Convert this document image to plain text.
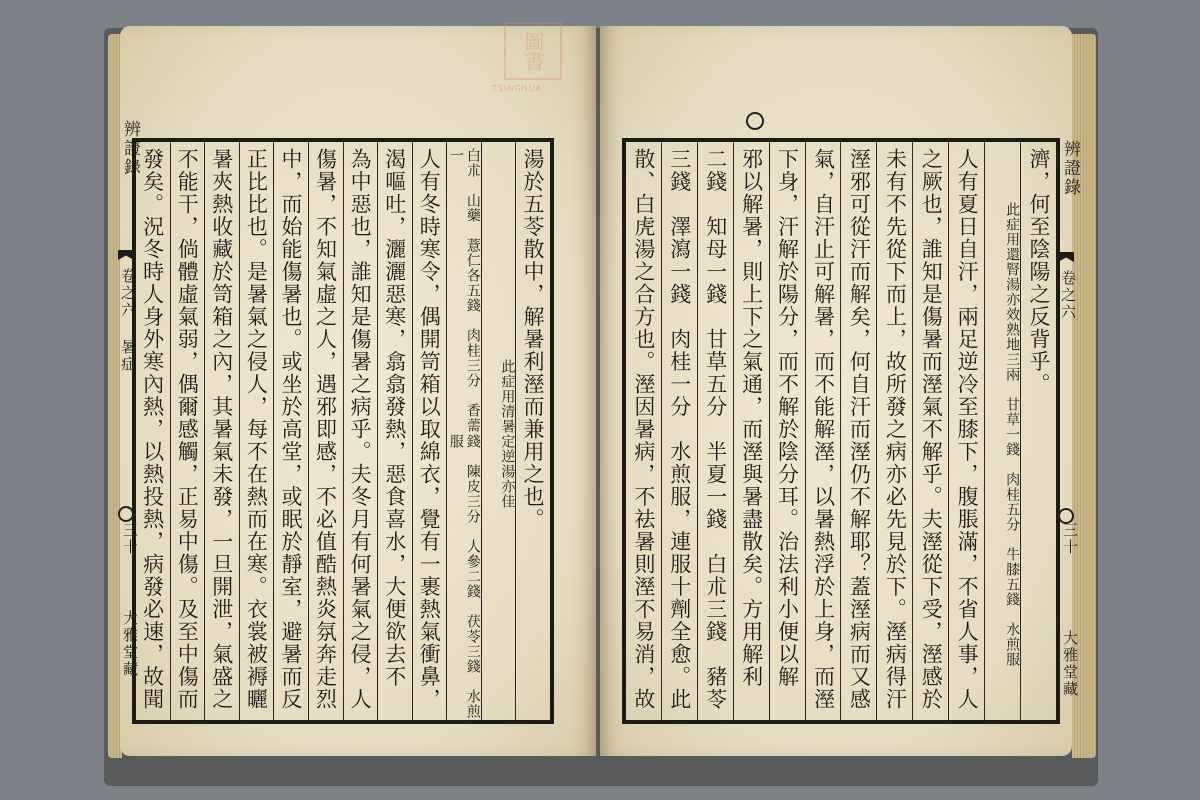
圖書
TSINGHUA
辨證錄
卷之六 暑症
三十
大雅堂藏
辨證錄
卷之六
三十
大雅堂藏
湯於五苓散中，解暑利溼而兼用之也。
此症用清暑定
逆湯亦佳
白朮　山藥　薏仁各五錢　肉桂三分　香薷一
錢　陳皮三分　人參二錢　茯苓三錢　水煎服
人有冬時寒令，偶開笥箱以取綿衣，覺有一裹熱氣衝鼻，
渴嘔吐，灑灑惡寒，翕翕發熱，惡食喜水，大便欲去不
為中惡也，誰知是傷暑之病乎。夫冬月有何暑氣之侵，人
傷暑，不知氣虛之人，遇邪即感，不必值酷熱炎氛奔走烈
中，而始能傷暑也。或坐於高堂，或眠於靜室，避暑而反
正比比也。是暑氣之侵人，每不在熱而在寒。衣裳被褥曬
暑夾熱收藏於笥箱之內，其暑氣未發，一旦開泄，氣盛之
不能干，倘體虛氣弱，偶爾感觸，正易中傷。及至中傷而
發矣。況冬時人身外寒內熱，以熱投熱，病發必速，故聞
濟，何至陰陽之反背乎。
此症用還腎湯亦效
熟地三兩　甘草一錢　肉桂五分　牛膝五錢　水煎服
人有夏日自汗，兩足逆冷至膝下，腹脹滿，不省人事，人
之厥也，誰知是傷暑而溼氣不解乎。夫溼從下受，溼感於
未有不先從下而上，故所發之病亦必先見於下。溼病得汗
溼邪可從汗而解矣，何自汗而溼仍不解耶？蓋溼病而又感
氣，自汗止可解暑，而不能解溼，以暑熱浮於上身，而溼
下身，汗解於陽分，而不解於陰分耳。治法利小便以解
邪以解暑，則上下之氣通，而溼與暑盡散矣。方用解利
二錢　知母一錢　甘草五分　半夏一錢　白朮三錢　豬苓　
三錢　澤瀉一錢　肉桂一分　水煎服，連服十劑全愈。此
散、白虎湯之合方也。溼因暑病，不祛暑則溼不易消，故
